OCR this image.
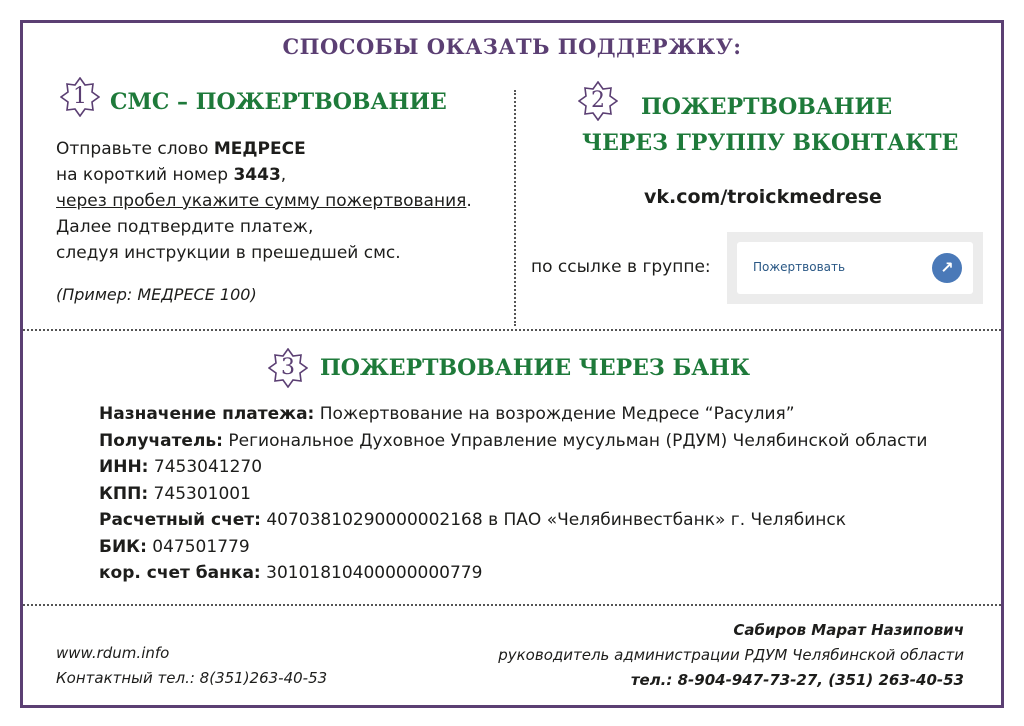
СПОСОБЫ ОКАЗАТЬ ПОДДЕРЖКУ:
1	СМС – ПОЖЕРТВОВАНИЕ
Отправьте слово МЕДРЕСЕ
на короткий номер 3443,
через пробел укажите сумму пожертвования.
Далее подтвердите платеж,
следуя инструкции в прешедшей смс.
(Пример: МЕДРЕСЕ 100)
2	ПОЖЕРТВОВАНИЕ
ЧЕРЕЗ ГРУППУ ВКОНТАКТЕ
vk.com/troickmedrese
по ссылке в группе:	Пожертвовать	↗
3	ПОЖЕРТВОВАНИЕ ЧЕРЕЗ БАНК
Назначение платежа: Пожертвование на возрождение Медресе “Расулия”
Получатель: Региональное Духовное Управление мусульман (РДУМ) Челябинской области
ИНН: 7453041270
КПП: 745301001
Расчетный счет: 40703810290000002168 в ПАО «Челябинвестбанк» г. Челябинск
БИК: 047501779
кор. счет банка: 30101810400000000779
www.rdum.info
Контактный тел.: 8(351)263-40-53
Сабиров Марат Назипович
руководитель администрации РДУМ Челябинской области
тел.: 8-904-947-73-27, (351) 263-40-53
